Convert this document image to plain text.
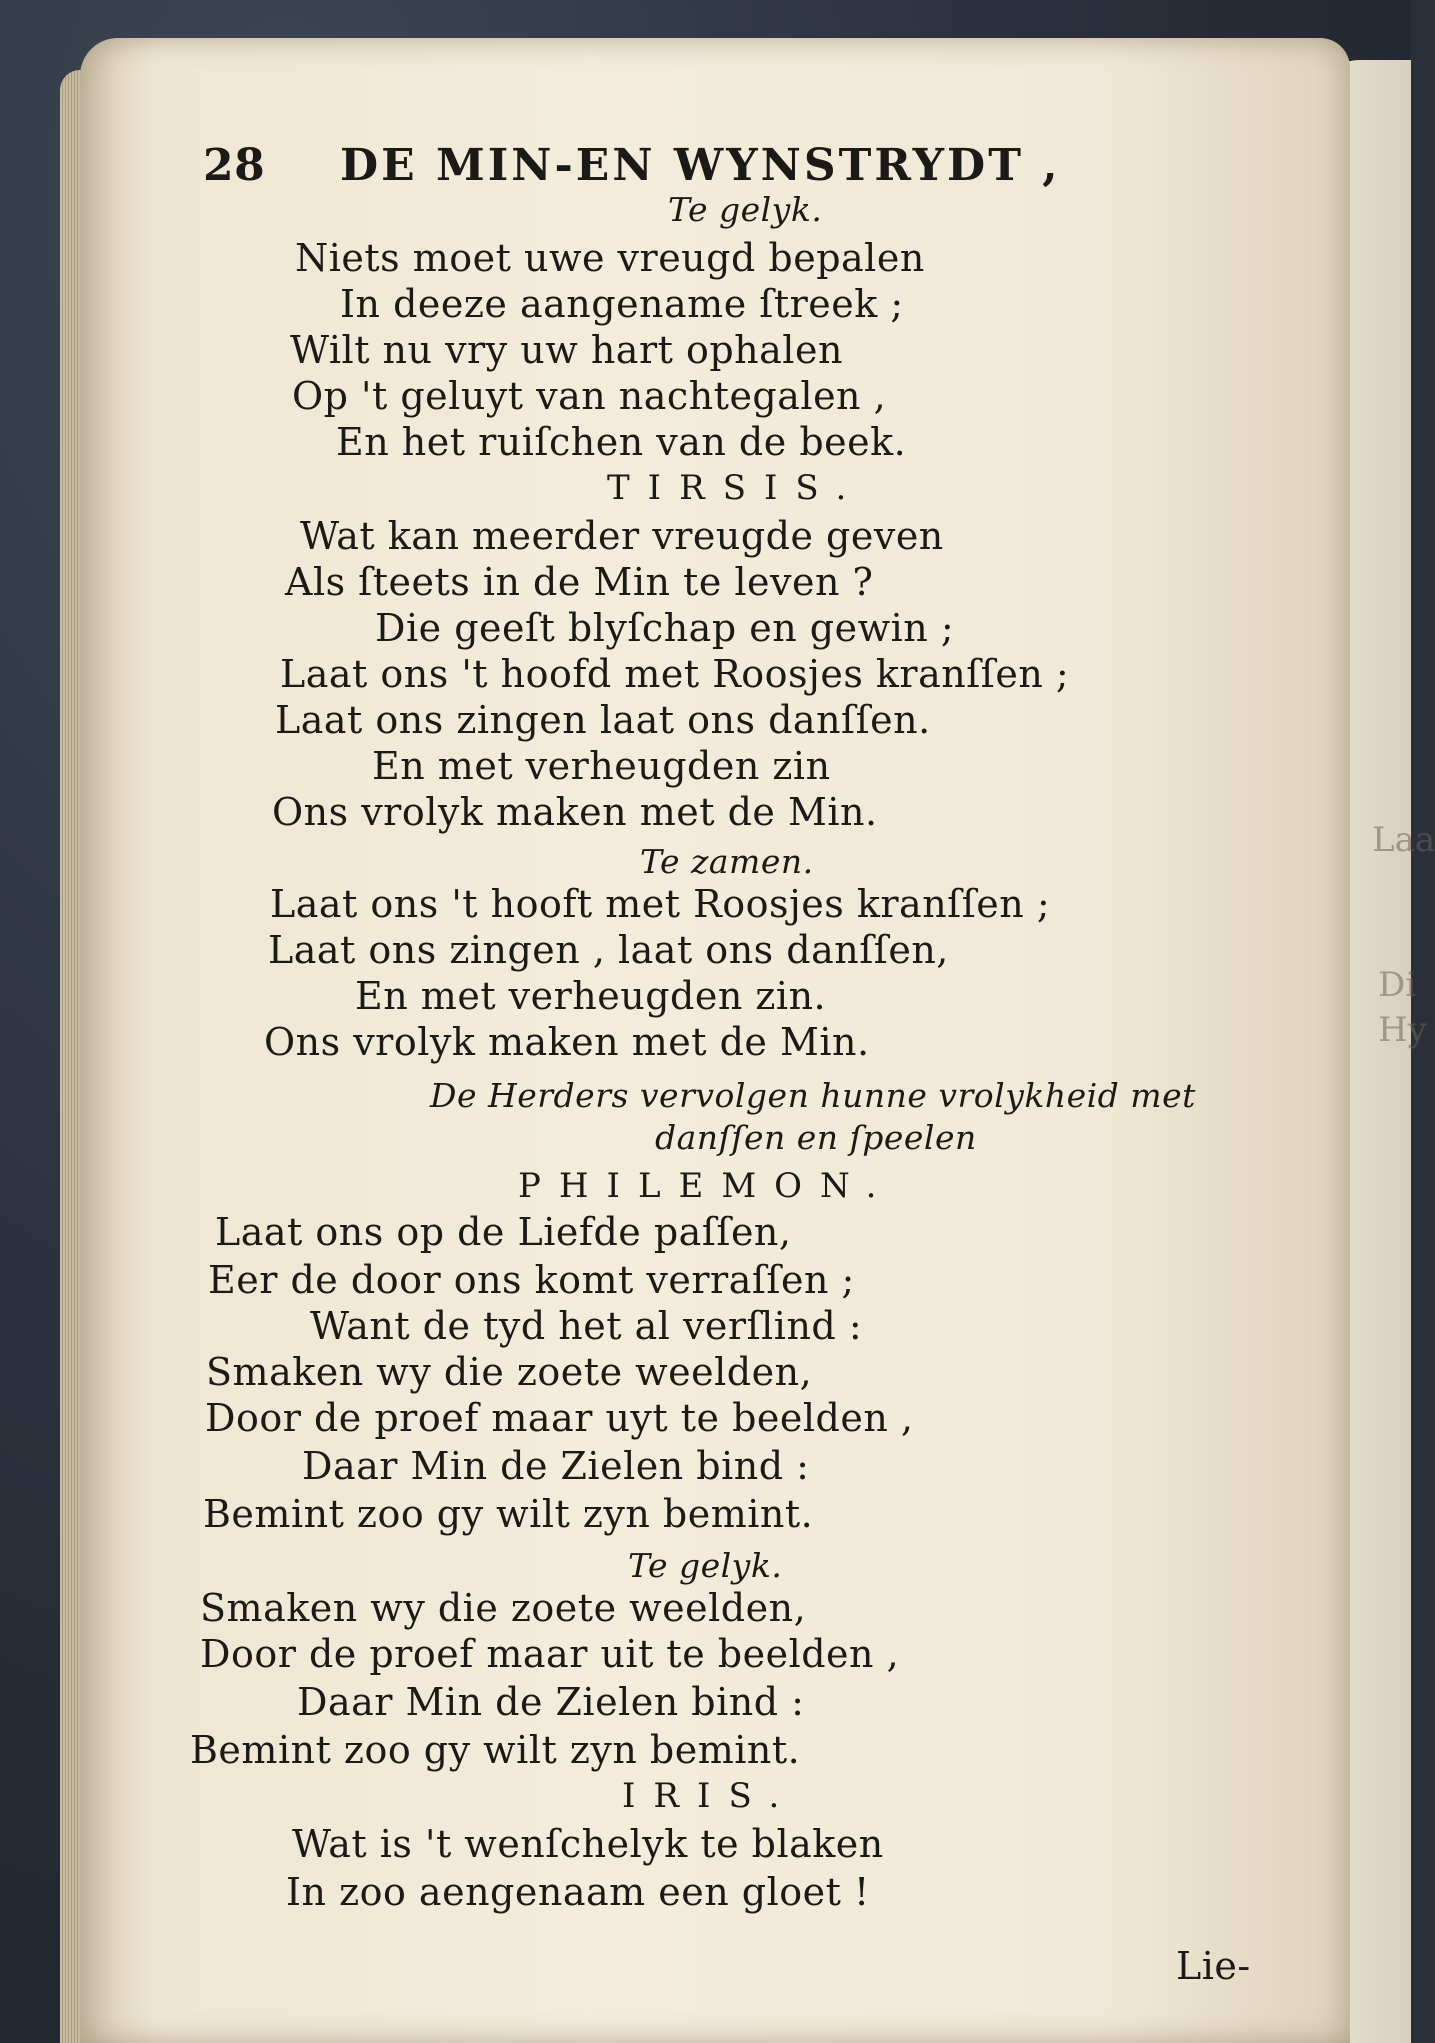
Laa
Di
Hy
28 DE MIN-EN WYNSTRYDT ,
Te gelyk.
Niets moet uwe vreugd bepalen
In deeze aangename ſtreek ;
Wilt nu vry uw hart ophalen
Op 't geluyt van nachtegalen ,
En het ruiſchen van de beek.
TIRSIS.
Wat kan meerder vreugde geven
Als ſteets in de Min te leven ?
Die geeſt blyſchap en gewin ;
Laat ons 't hoofd met Roosjes kranſſen ;
Laat ons zingen laat ons danſſen.
En met verheugden zin
Ons vrolyk maken met de Min.
Te zamen.
Laat ons 't hooft met Roosjes kranſſen ;
Laat ons zingen , laat ons danſſen,
En met verheugden zin.
Ons vrolyk maken met de Min.
De Herders vervolgen hunne vrolykheid met
danſſen en ſpeelen
PHILEMON.
Laat ons op de Liefde paſſen,
Eer de door ons komt verraſſen ;
Want de tyd het al verſlind :
Smaken wy die zoete weelden,
Door de proef maar uyt te beelden ,
Daar Min de Zielen bind :
Bemint zoo gy wilt zyn bemint.
Te gelyk.
Smaken wy die zoete weelden,
Door de proef maar uit te beelden ,
Daar Min de Zielen bind :
Bemint zoo gy wilt zyn bemint.
IRIS.
Wat is 't wenſchelyk te blaken
In zoo aengenaam een gloet !
Lie-
